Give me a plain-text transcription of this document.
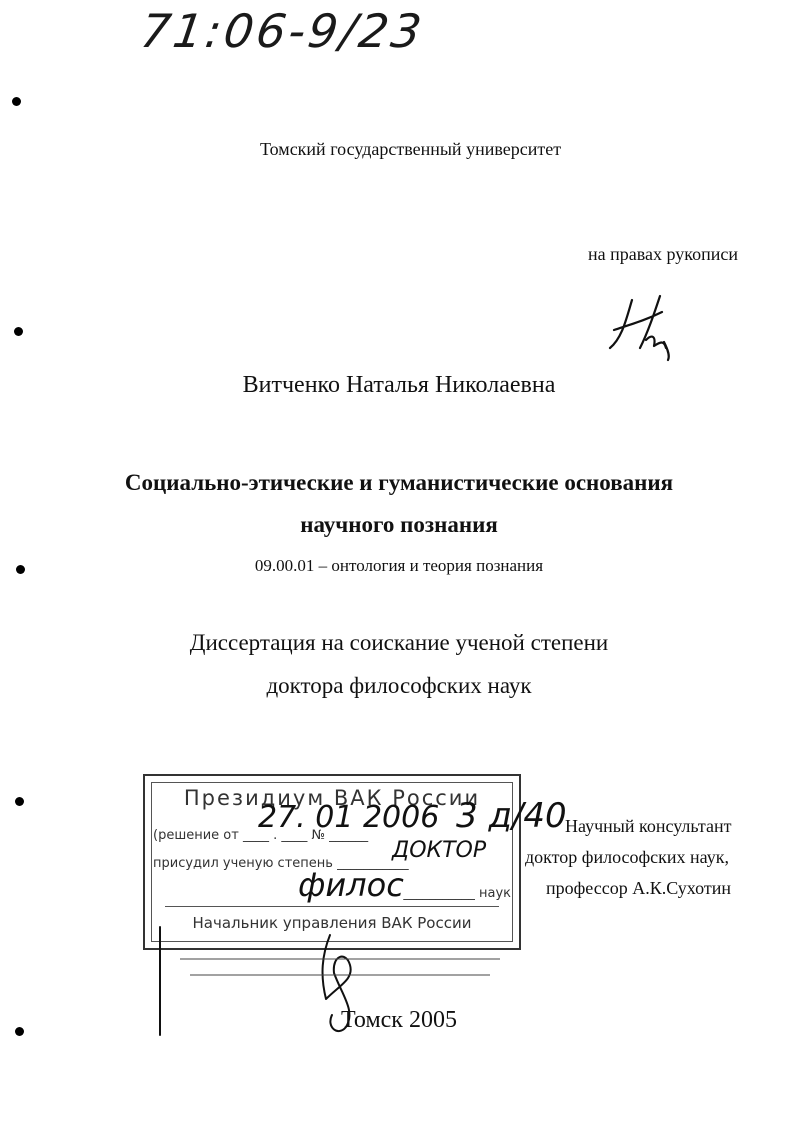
71:06-9/23
Томский государственный университет
на правах рукописи
Витченко Наталья Николаевна
Социально-этические и гуманистические основания
научного познания
09.00.01 – онтология и теория познания
Диссертация на соискание ученой степени
доктора философских наук
Президиум ВАК России
(решение от ____ . ____ № ______
присудил ученую степень ___________
___________ наук
Начальник управления ВАК России
27. 01 2006 3 д/40
ДОКТОР
филос
Научный консультант
доктор философских наук,
профессор А.К.Сухотин
Томск 2005
